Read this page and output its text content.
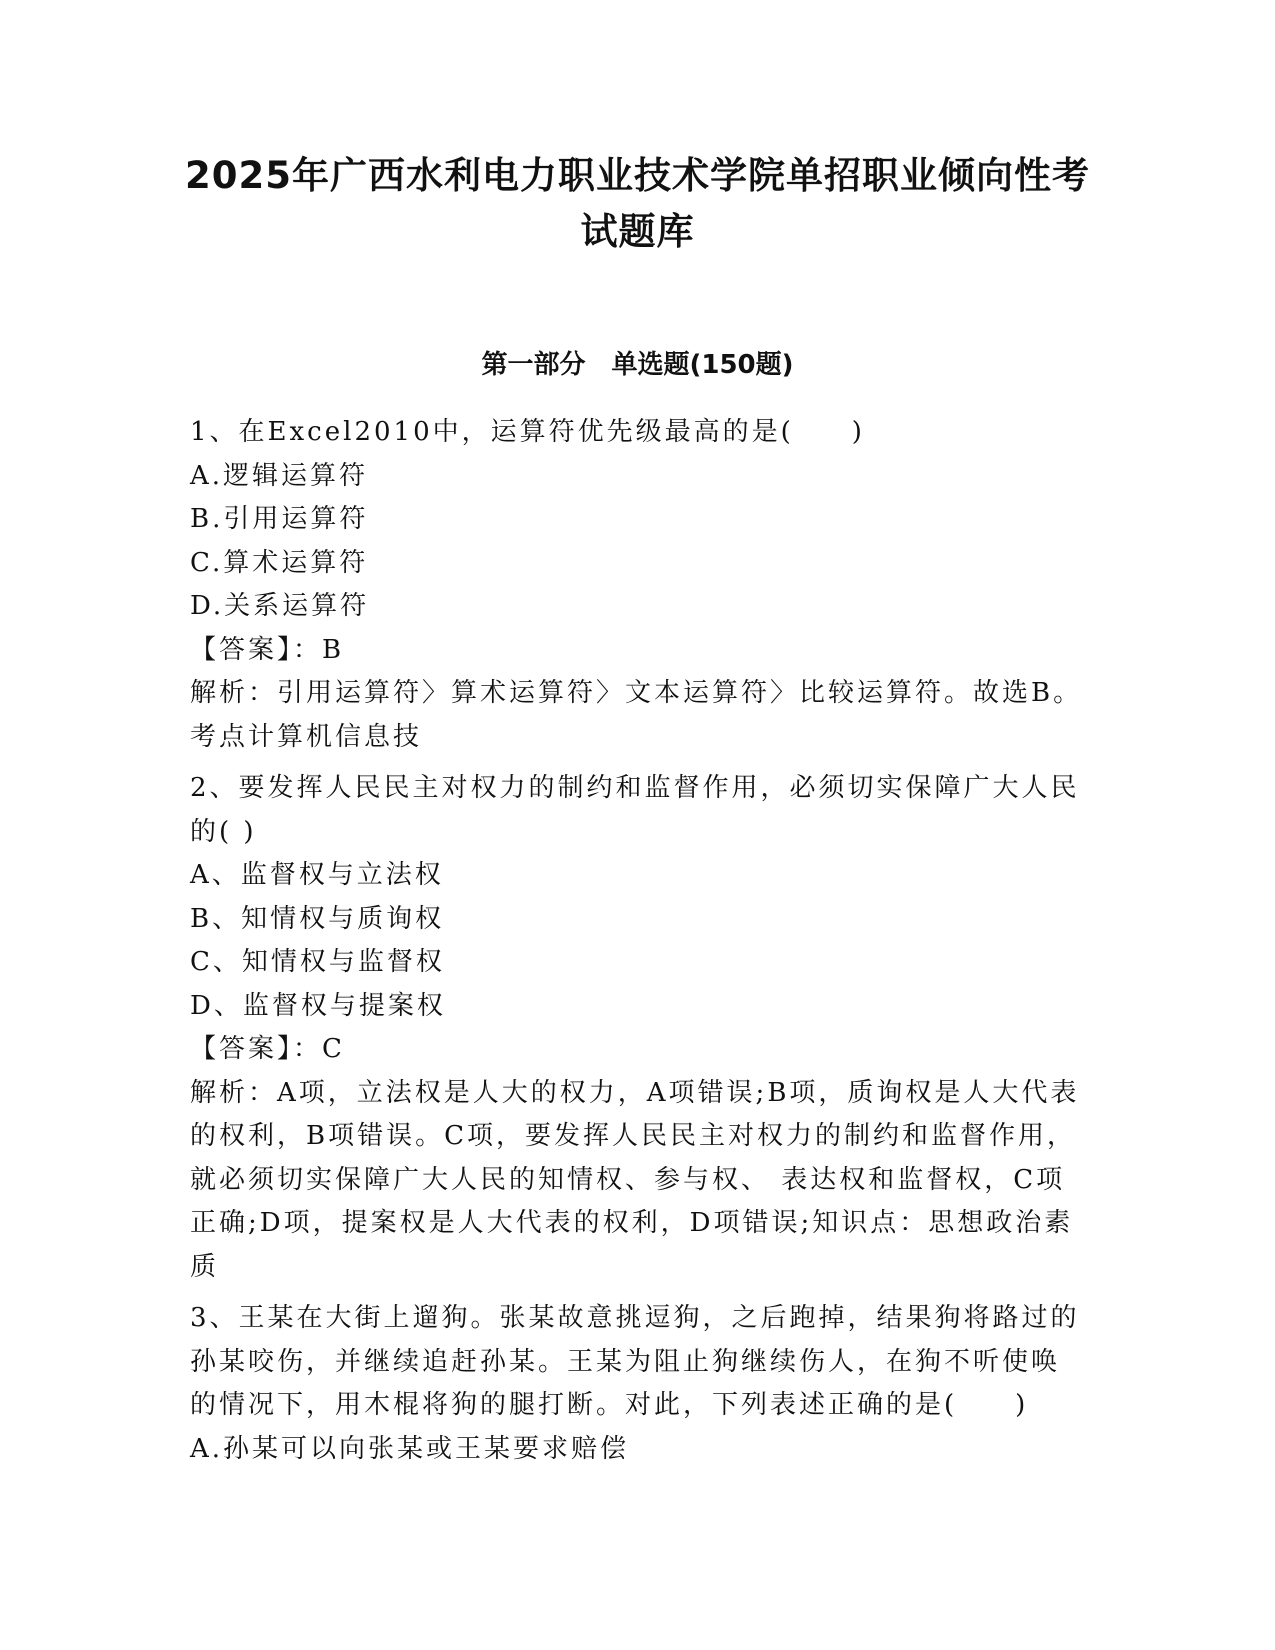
2025年广西水利电力职业技术学院单招职业倾向性考
试题库
第一部分　单选题(150题)
1、在Excel2010中，运算符优先级最高的是(　　)
A.逻辑运算符
B.引用运算符
C.算术运算符
D.关系运算符
【答案】：B
解析：引用运算符〉算术运算符〉文本运算符〉比较运算符。故选B。
考点计算机信息技
2、要发挥人民民主对权力的制约和监督作用，必须切实保障广大人民
的( )
A、监督权与立法权
B、知情权与质询权
C、知情权与监督权
D、监督权与提案权
【答案】：C
解析：A项，立法权是人大的权力，A项错误;B项，质询权是人大代表
的权利，B项错误。C项，要发挥人民民主对权力的制约和监督作用，
就必须切实保障广大人民的知情权、参与权、 表达权和监督权，C项
正确;D项，提案权是人大代表的权利，D项错误;知识点：思想政治素
质
3、王某在大街上遛狗。张某故意挑逗狗，之后跑掉，结果狗将路过的
孙某咬伤，并继续追赶孙某。王某为阻止狗继续伤人，在狗不听使唤
的情况下，用木棍将狗的腿打断。对此，下列表述正确的是(　　)
A.孙某可以向张某或王某要求赔偿
